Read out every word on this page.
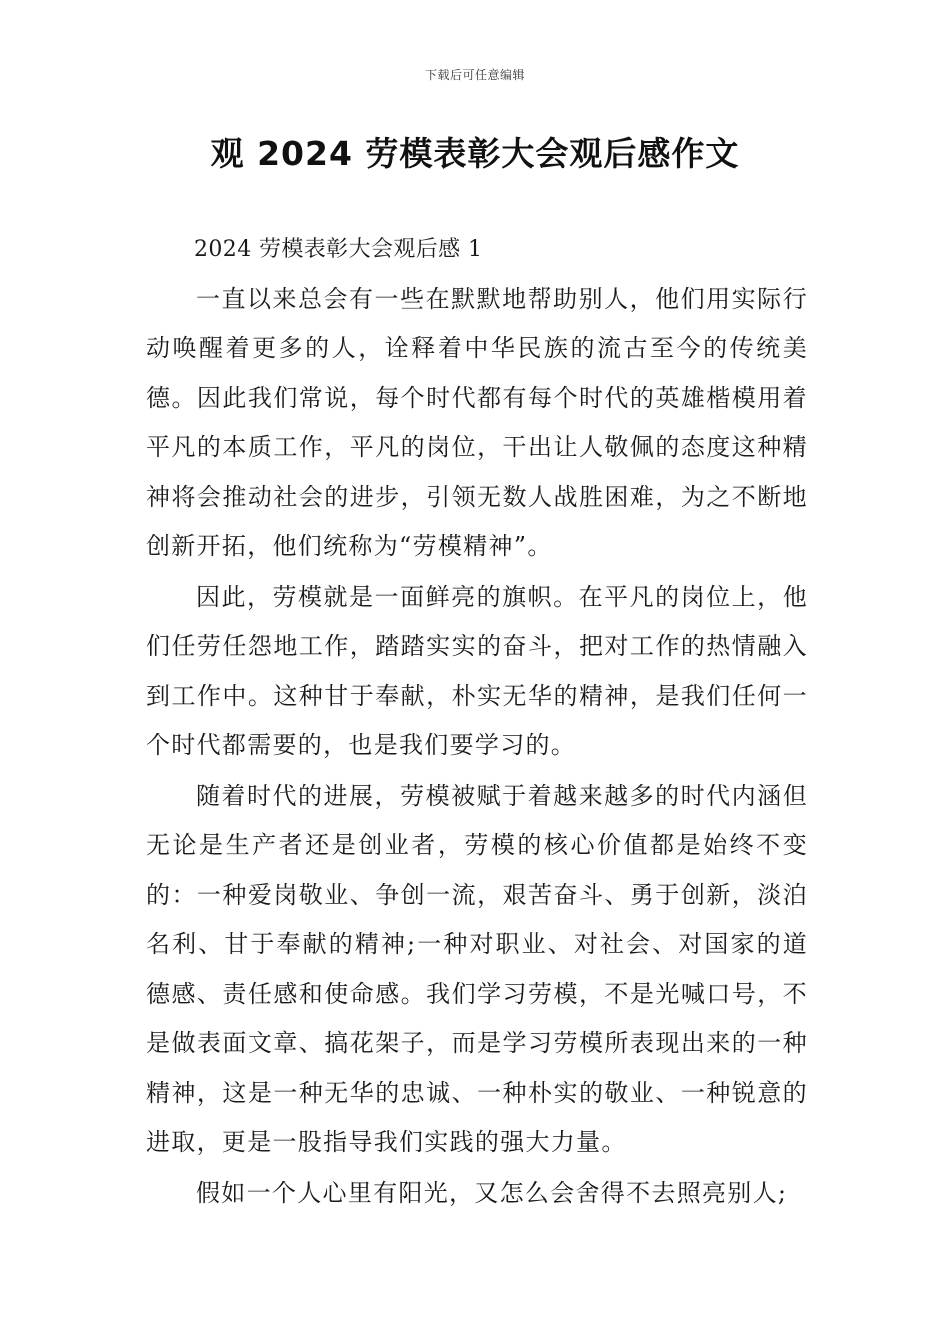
下载后可任意编辑
观 2024 劳模表彰大会观后感作文

2024 劳模表彰大会观后感 1

一直以来总会有一些在默默地帮助别人，他们用实际行动唤醒着更多的人，诠释着中华民族的流古至今的传统美德。因此我们常说，每个时代都有每个时代的英雄楷模用着平凡的本质工作，平凡的岗位，干出让人敬佩的态度这种精神将会推动社会的进步，引领无数人战胜困难，为之不断地创新开拓，他们统称为“劳模精神”。

因此，劳模就是一面鲜亮的旗帜。在平凡的岗位上，他们任劳任怨地工作，踏踏实实的奋斗，把对工作的热情融入到工作中。这种甘于奉献，朴实无华的精神，是我们任何一个时代都需要的，也是我们要学习的。

随着时代的进展，劳模被赋于着越来越多的时代内涵但无论是生产者还是创业者，劳模的核心价值都是始终不变的：一种爱岗敬业、争创一流，艰苦奋斗、勇于创新，淡泊名利、甘于奉献的精神;一种对职业、对社会、对国家的道德感、责任感和使命感。我们学习劳模，不是光喊口号，不是做表面文章、搞花架子，而是学习劳模所表现出来的一种精神，这是一种无华的忠诚、一种朴实的敬业、一种锐意的进取，更是一股指导我们实践的强大力量。

假如一个人心里有阳光，又怎么会舍得不去照亮别人;
